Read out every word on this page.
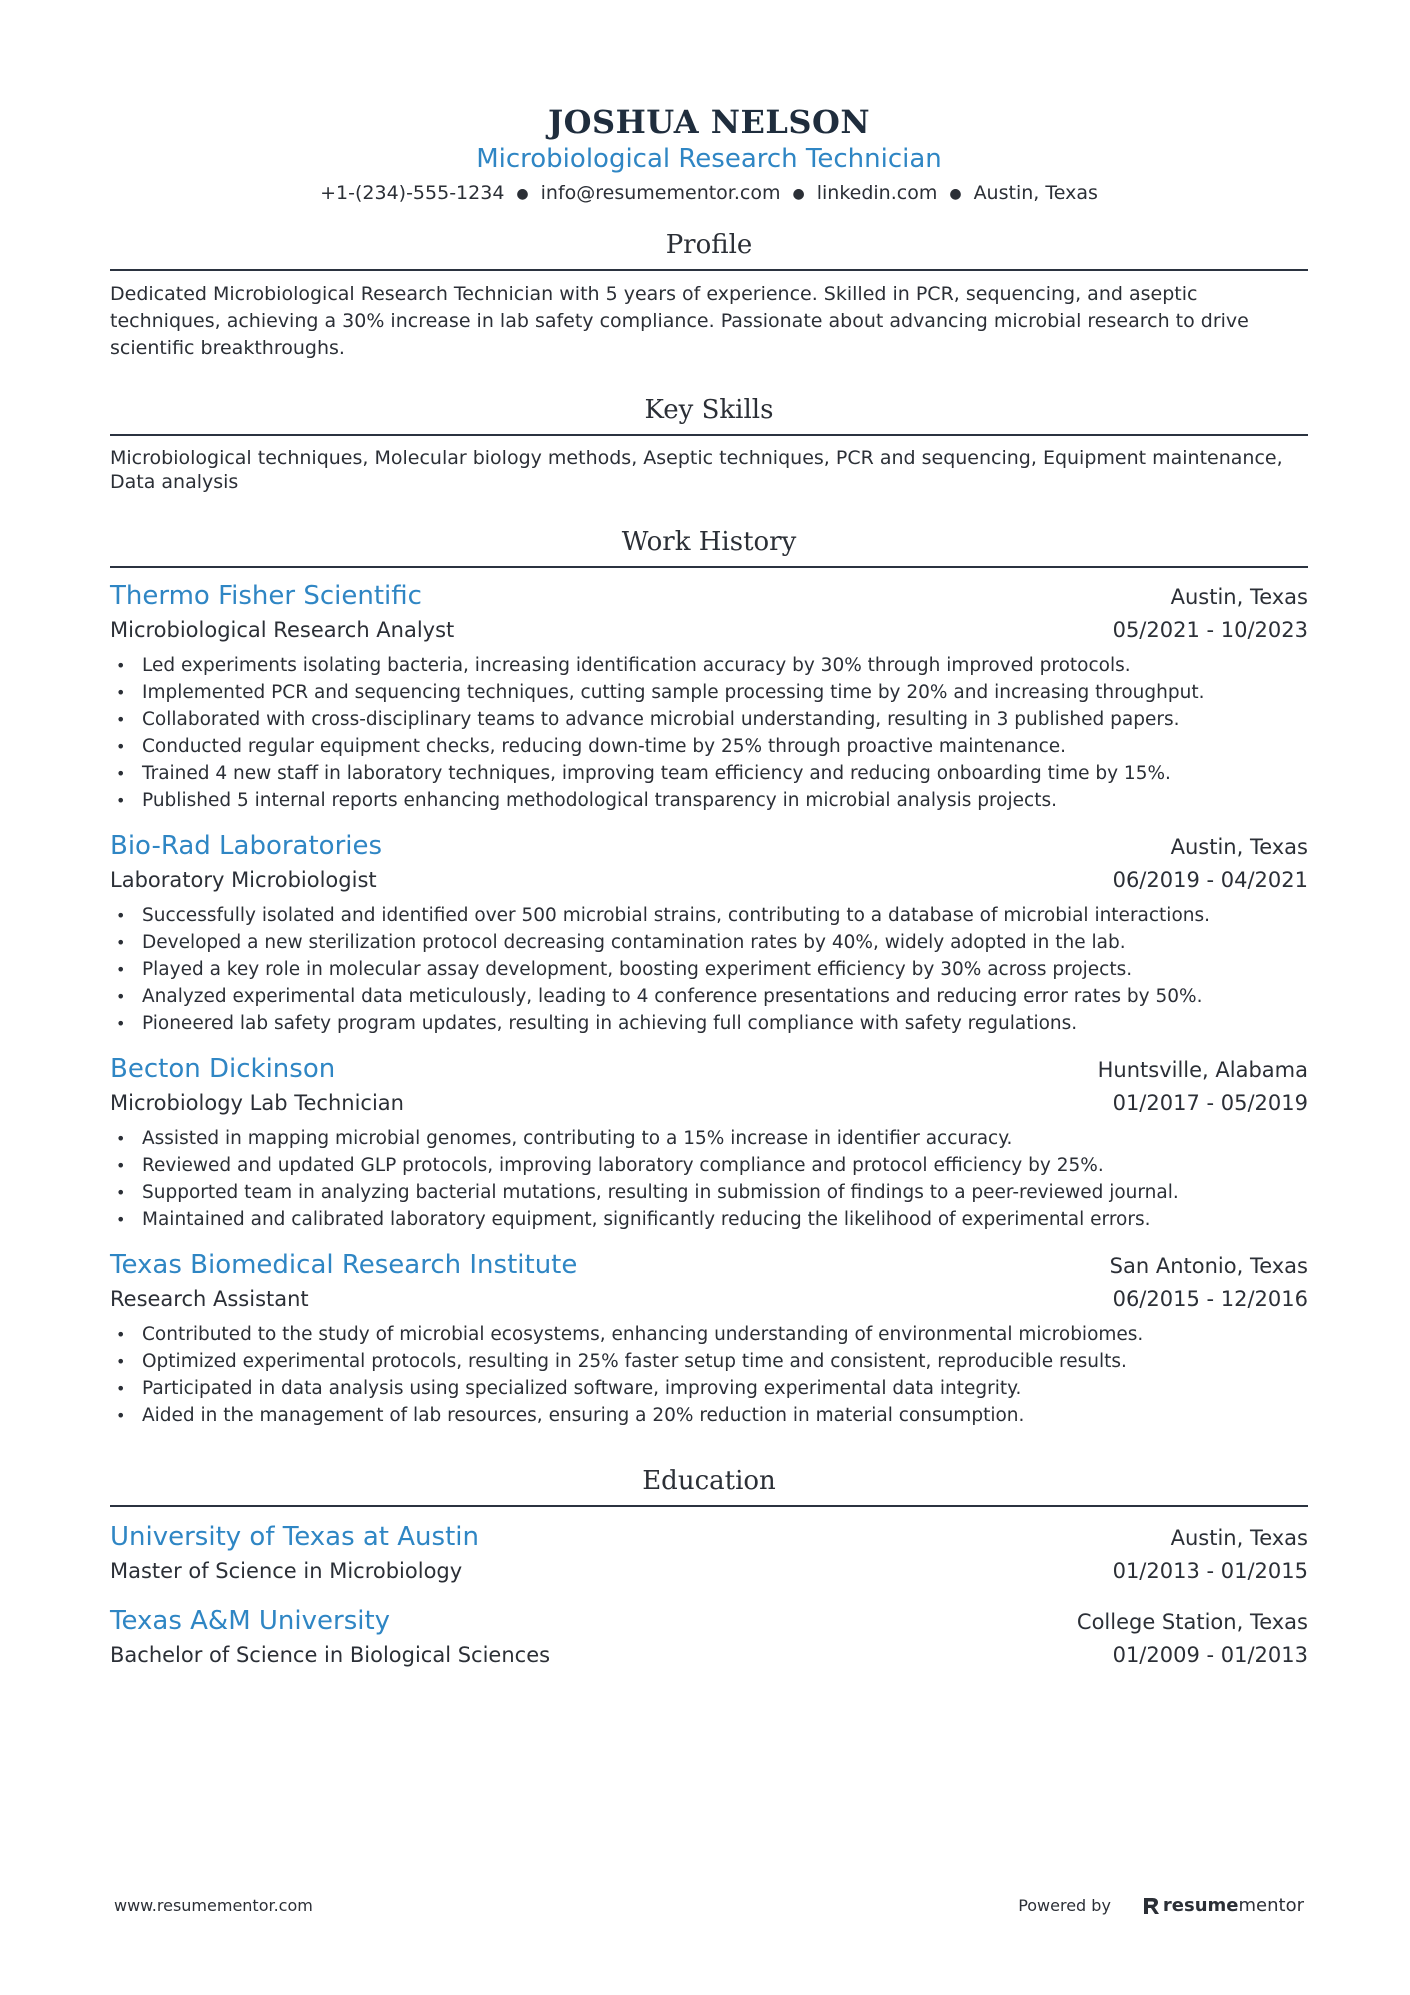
JOSHUA NELSON
Microbiological Research Technician
+1-(234)-555-1234 ● info@resumementor.com ● linkedin.com ● Austin, Texas
Profile
Dedicated Microbiological Research Technician with 5 years of experience. Skilled in PCR, sequencing, and aseptic techniques, achieving a 30% increase in lab safety compliance. Passionate about advancing microbial research to drive scientific breakthroughs.
Key Skills
Microbiological techniques, Molecular biology methods, Aseptic techniques, PCR and sequencing, Equipment maintenance, Data analysis
Work History
Thermo Fisher Scientific	Austin, Texas
Microbiological Research Analyst	05/2021 - 10/2023
• Led experiments isolating bacteria, increasing identification accuracy by 30% through improved protocols.
• Implemented PCR and sequencing techniques, cutting sample processing time by 20% and increasing throughput.
• Collaborated with cross-disciplinary teams to advance microbial understanding, resulting in 3 published papers.
• Conducted regular equipment checks, reducing down-time by 25% through proactive maintenance.
• Trained 4 new staff in laboratory techniques, improving team efficiency and reducing onboarding time by 15%.
• Published 5 internal reports enhancing methodological transparency in microbial analysis projects.
Bio-Rad Laboratories	Austin, Texas
Laboratory Microbiologist	06/2019 - 04/2021
• Successfully isolated and identified over 500 microbial strains, contributing to a database of microbial interactions.
• Developed a new sterilization protocol decreasing contamination rates by 40%, widely adopted in the lab.
• Played a key role in molecular assay development, boosting experiment efficiency by 30% across projects.
• Analyzed experimental data meticulously, leading to 4 conference presentations and reducing error rates by 50%.
• Pioneered lab safety program updates, resulting in achieving full compliance with safety regulations.
Becton Dickinson	Huntsville, Alabama
Microbiology Lab Technician	01/2017 - 05/2019
• Assisted in mapping microbial genomes, contributing to a 15% increase in identifier accuracy.
• Reviewed and updated GLP protocols, improving laboratory compliance and protocol efficiency by 25%.
• Supported team in analyzing bacterial mutations, resulting in submission of findings to a peer-reviewed journal.
• Maintained and calibrated laboratory equipment, significantly reducing the likelihood of experimental errors.
Texas Biomedical Research Institute	San Antonio, Texas
Research Assistant	06/2015 - 12/2016
• Contributed to the study of microbial ecosystems, enhancing understanding of environmental microbiomes.
• Optimized experimental protocols, resulting in 25% faster setup time and consistent, reproducible results.
• Participated in data analysis using specialized software, improving experimental data integrity.
• Aided in the management of lab resources, ensuring a 20% reduction in material consumption.
Education
University of Texas at Austin	Austin, Texas
Master of Science in Microbiology	01/2013 - 01/2015
Texas A&M University	College Station, Texas
Bachelor of Science in Biological Sciences	01/2009 - 01/2013
www.resumementor.com	Powered by	resume mentor
